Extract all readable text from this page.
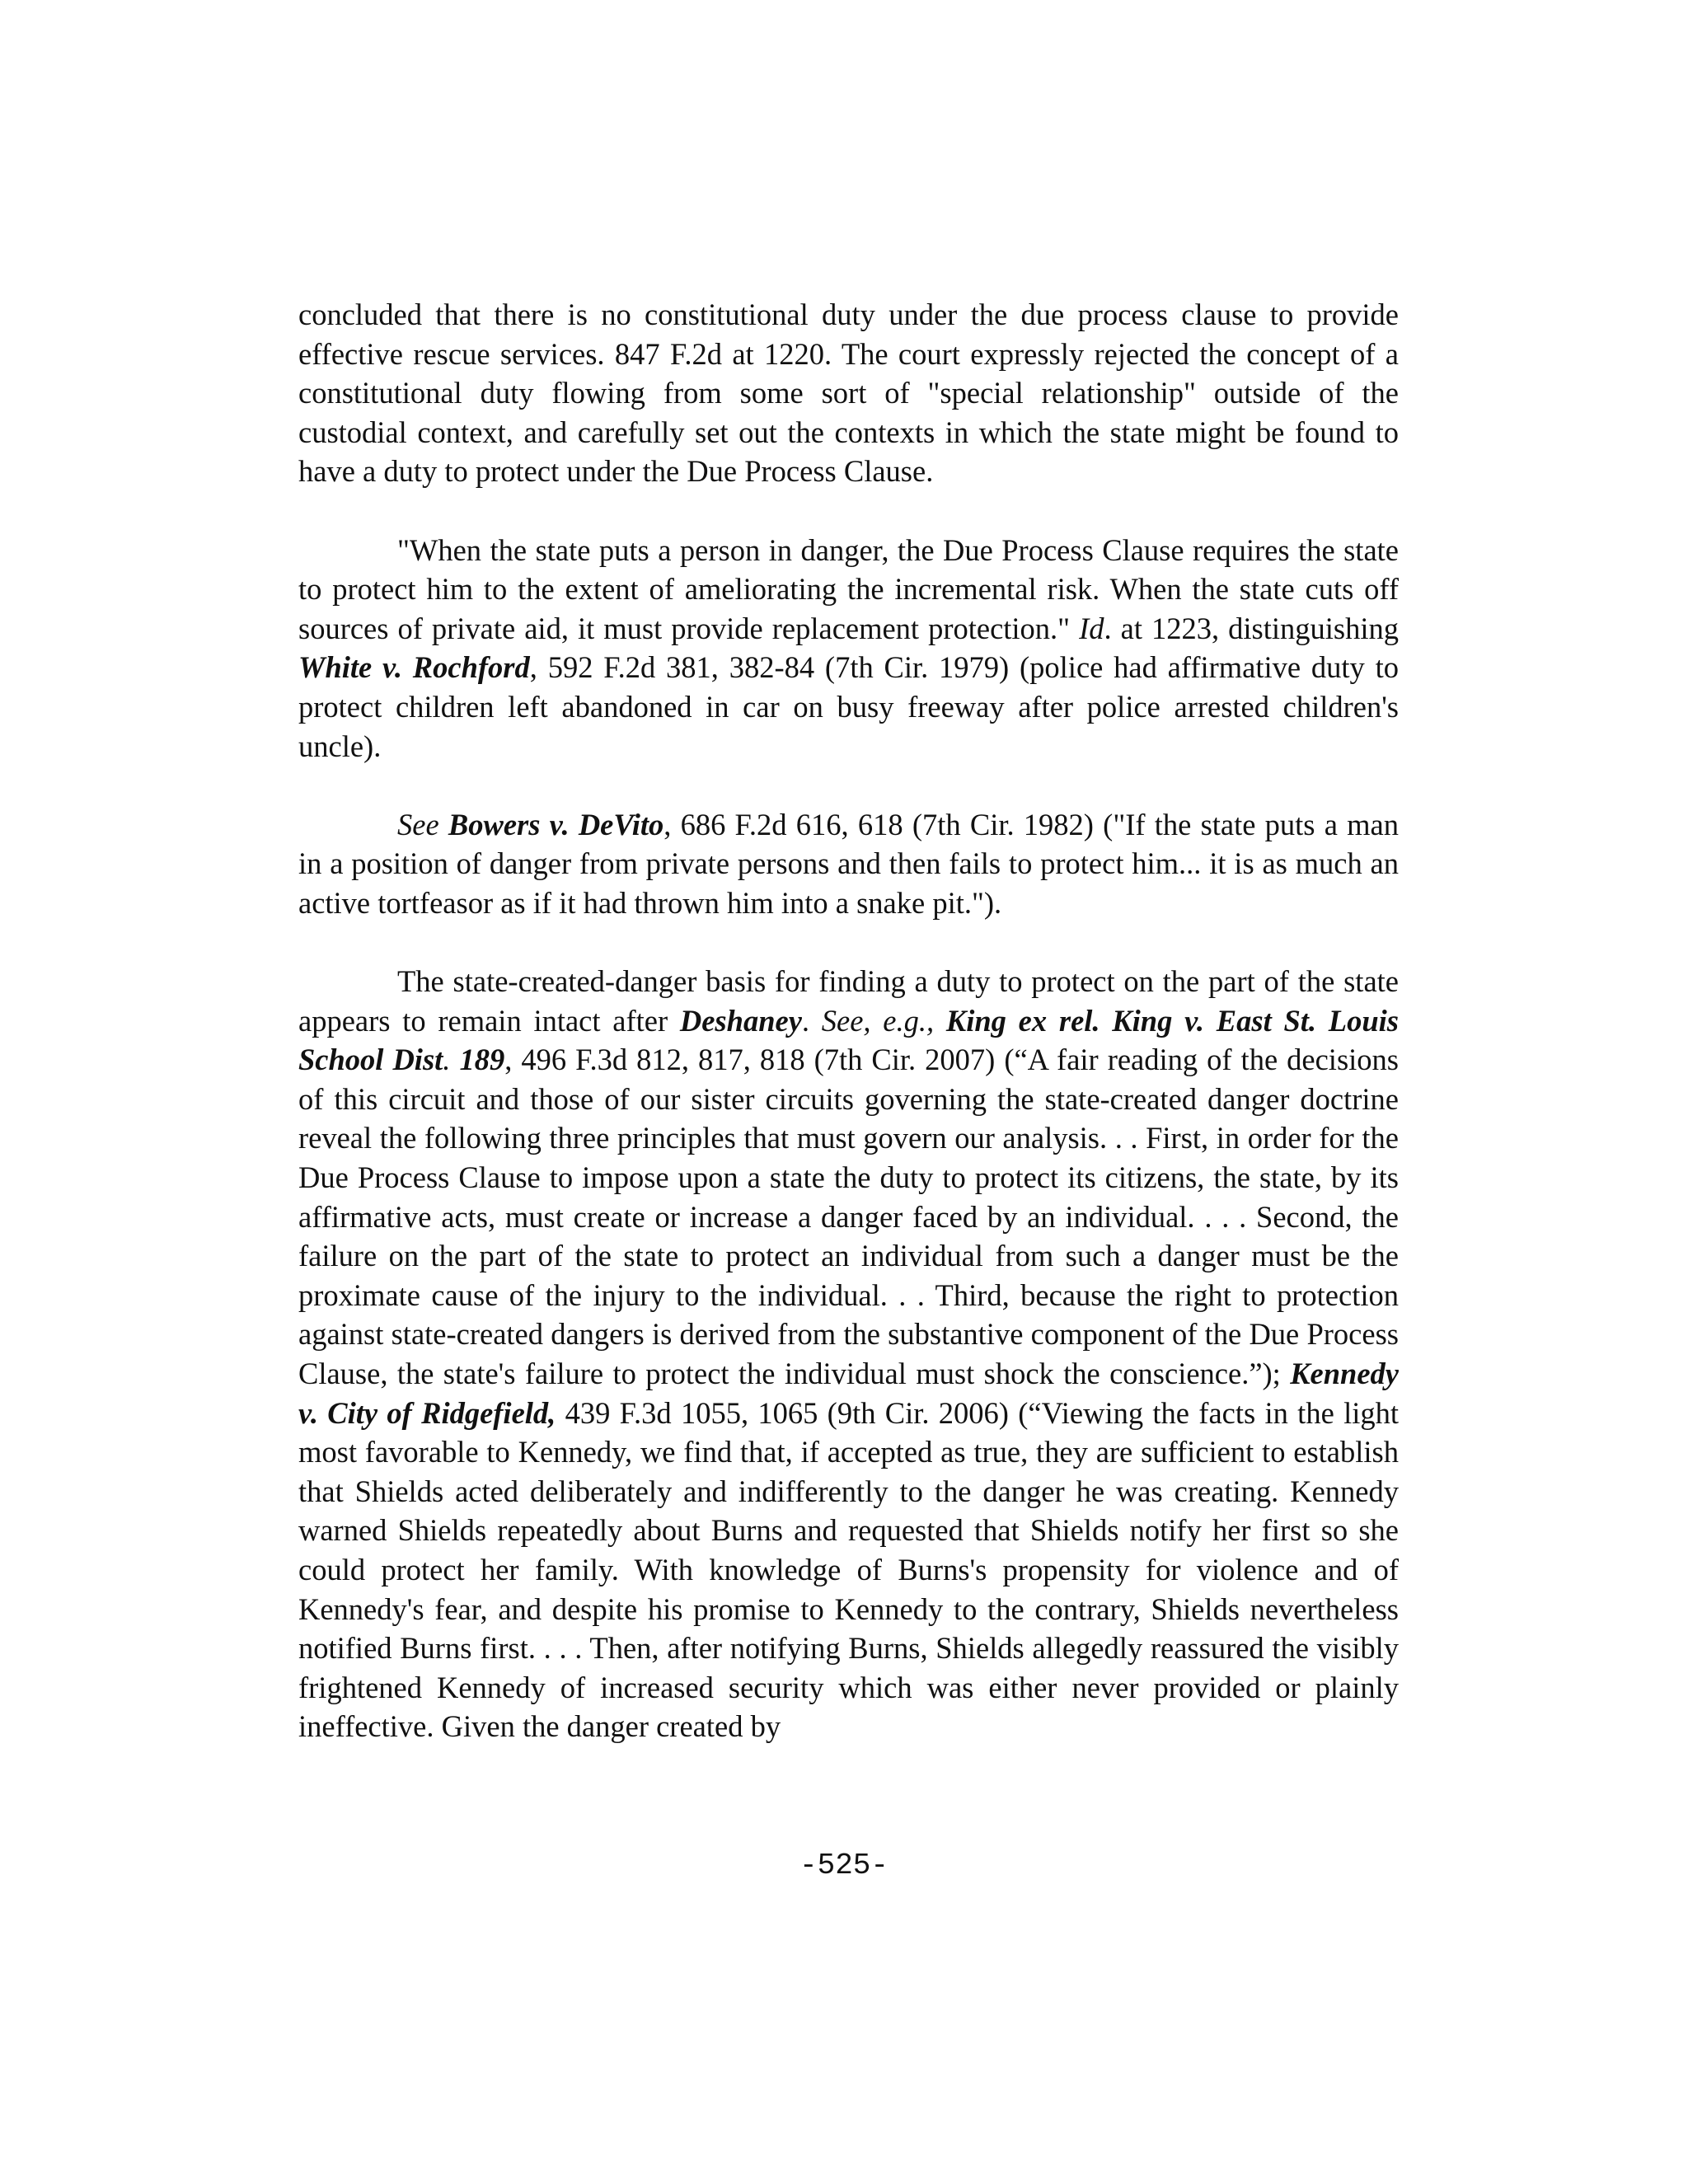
concluded that there is no constitutional duty under the due process clause to provide effective rescue services. 847 F.2d at 1220. The court expressly rejected the concept of a constitutional duty flowing from some sort of "special relationship" outside of the custodial context, and carefully set out the contexts in which the state might be found to have a duty to protect under the Due Process Clause.

"When the state puts a person in danger, the Due Process Clause requires the state to protect him to the extent of ameliorating the incremental risk. When the state cuts off sources of private aid, it must provide replacement protection." Id. at 1223, distinguishing White v. Rochford, 592 F.2d 381, 382-84 (7th Cir. 1979) (police had affirmative duty to protect children left abandoned in car on busy freeway after police arrested children's uncle).

See Bowers v. DeVito, 686 F.2d 616, 618 (7th Cir. 1982) ("If the state puts a man in a position of danger from private persons and then fails to protect him... it is as much an active tortfeasor as if it had thrown him into a snake pit.").

The state-created-danger basis for finding a duty to protect on the part of the state appears to remain intact after Deshaney. See, e.g., King ex rel. King v. East St. Louis School Dist. 189, 496 F.3d 812, 817, 818 (7th Cir. 2007) (“A fair reading of the decisions of this circuit and those of our sister circuits governing the state-created danger doctrine reveal the following three principles that must govern our analysis. . . First, in order for the Due Process Clause to impose upon a state the duty to protect its citizens, the state, by its affirmative acts, must create or increase a danger faced by an individual. . . . Second, the failure on the part of the state to protect an individual from such a danger must be the proximate cause of the injury to the individual. . . Third, because the right to protection against state-created dangers is derived from the substantive component of the Due Process Clause, the state's failure to protect the individual must shock the conscience.”); Kennedy v. City of Ridgefield, 439 F.3d 1055, 1065 (9th Cir. 2006) (“Viewing the facts in the light most favorable to Kennedy, we find that, if accepted as true, they are sufficient to establish that Shields acted deliberately and indifferently to the danger he was creating. Kennedy warned Shields repeatedly about Burns and requested that Shields notify her first so she could protect her family. With knowledge of Burns's propensity for violence and of Kennedy's fear, and despite his promise to Kennedy to the contrary, Shields nevertheless notified Burns first. . . . Then, after notifying Burns, Shields allegedly reassured the visibly frightened Kennedy of increased security which was either never provided or plainly ineffective. Given the danger created by

-525-
